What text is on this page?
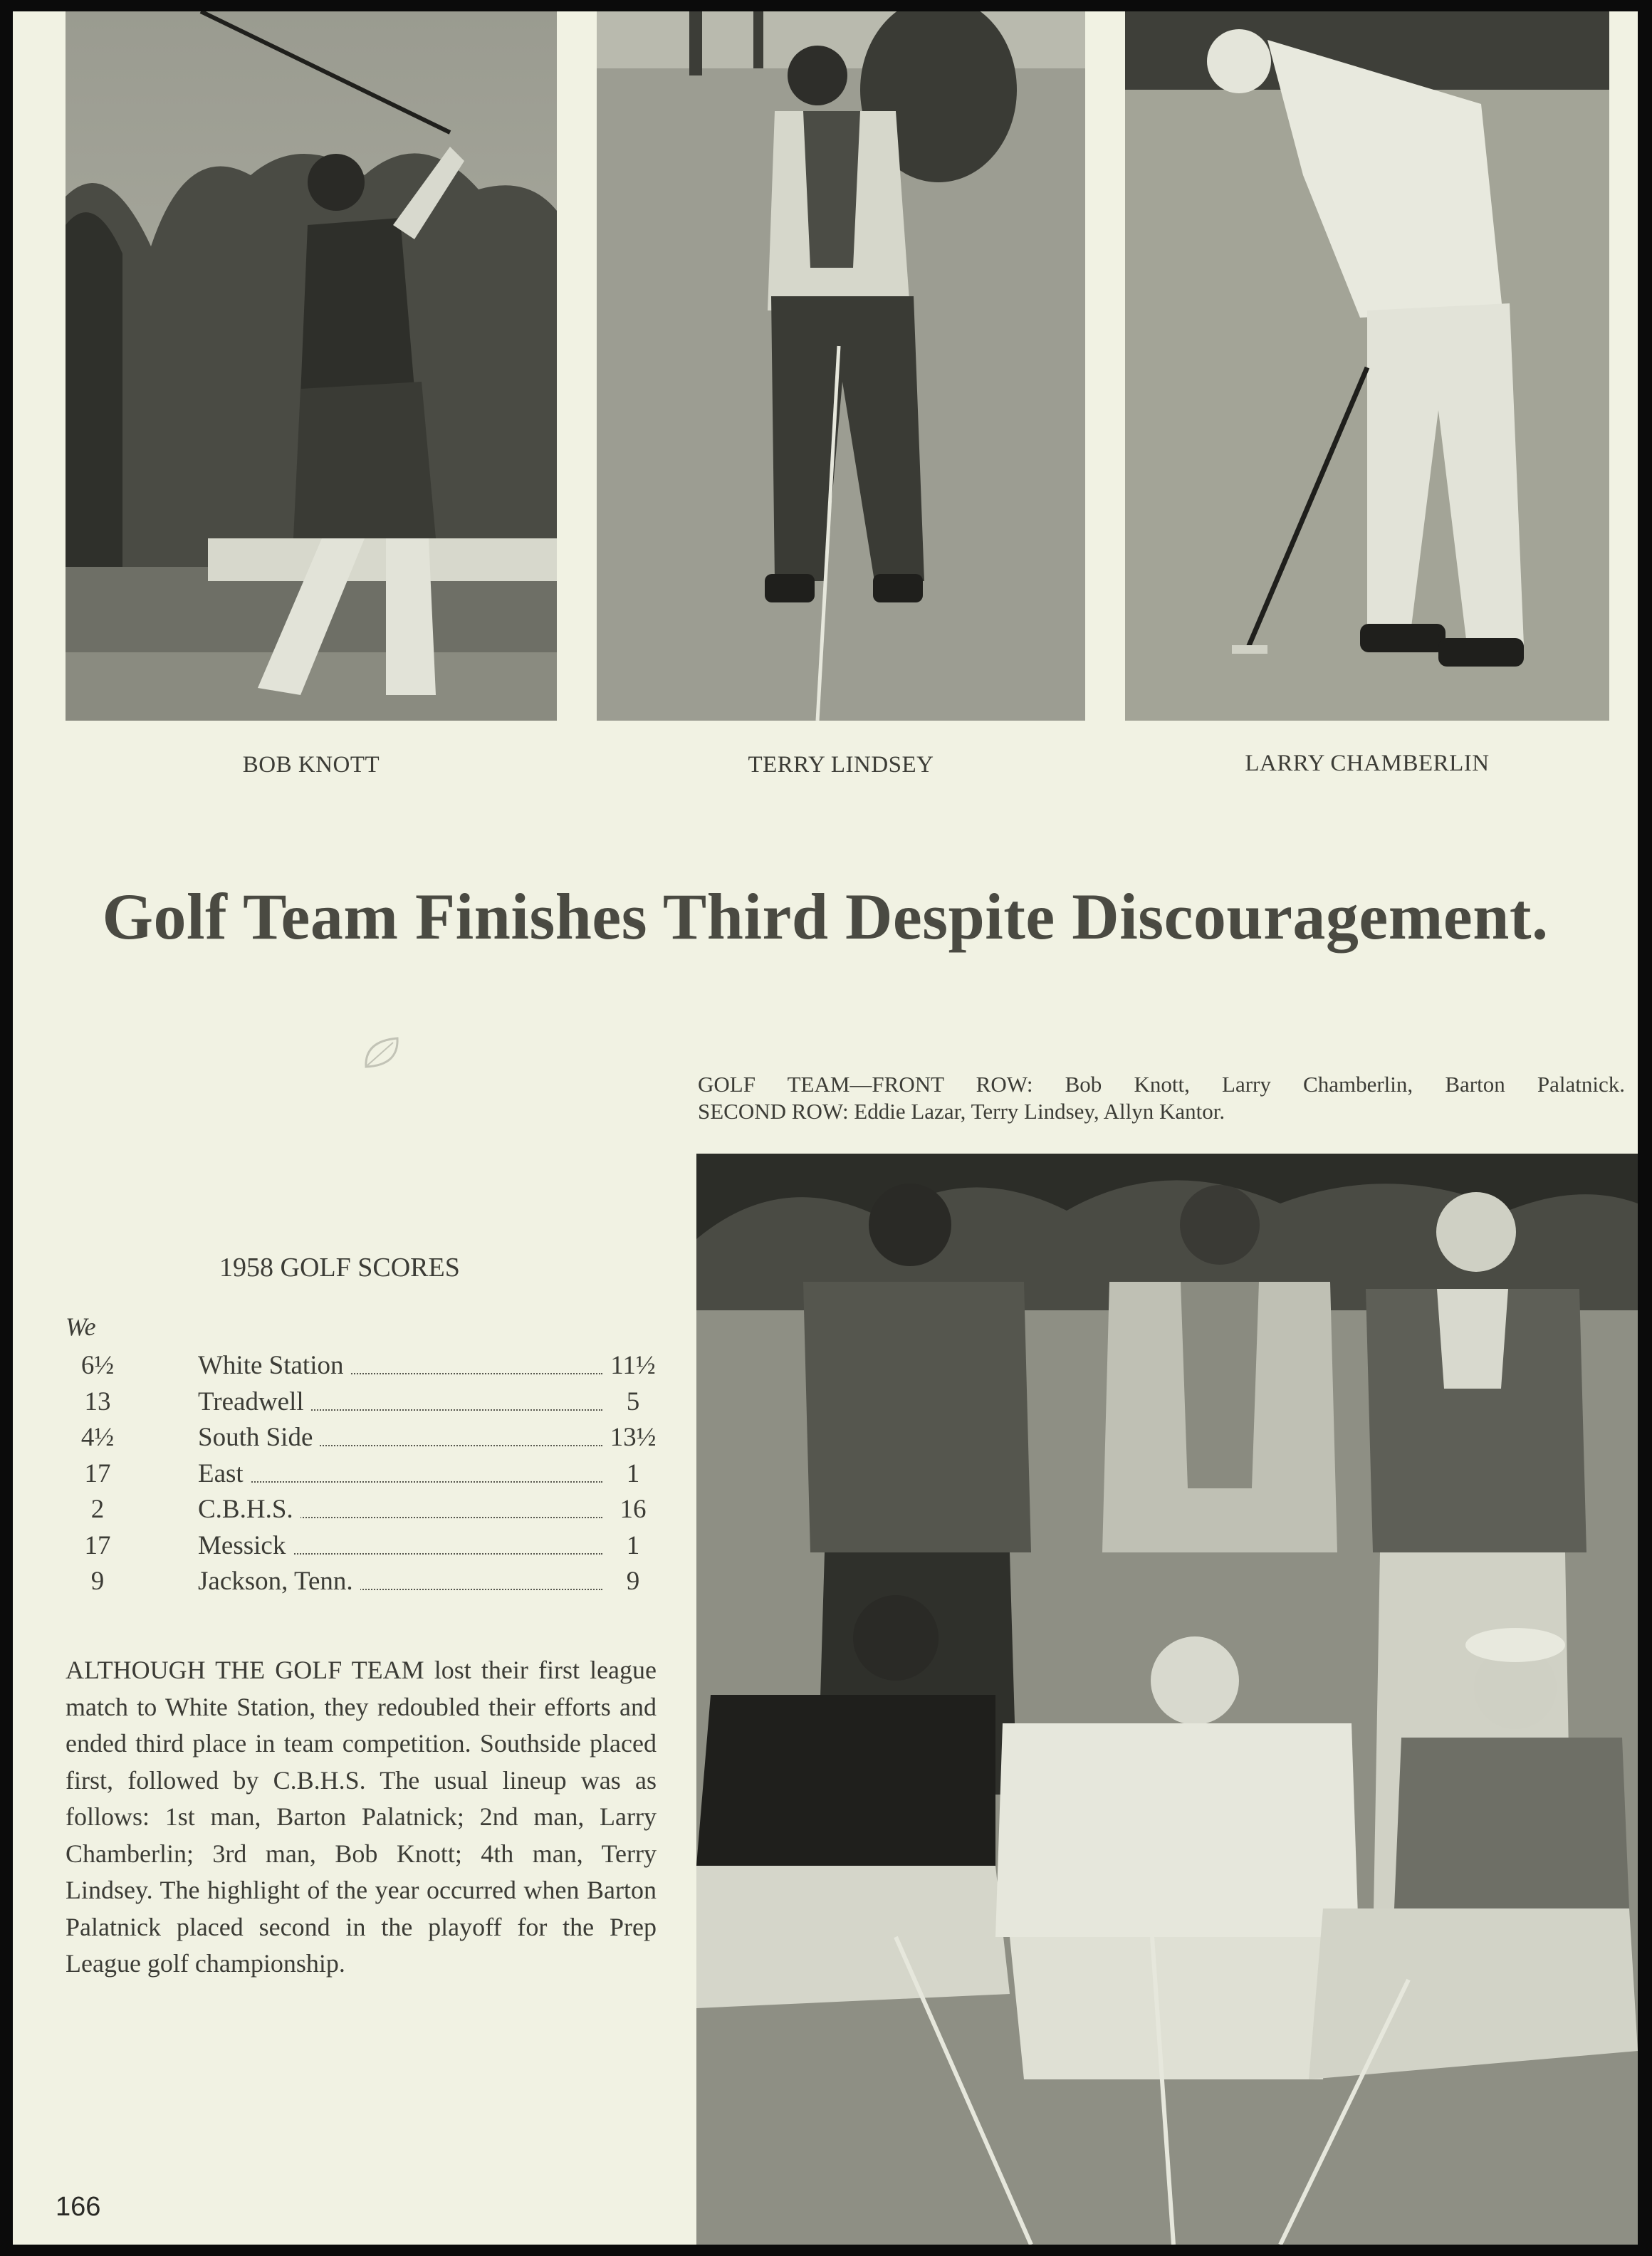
BOB KNOTT	TERRY LINDSEY	LARRY CHAMBERLIN
Golf Team Finishes Third Despite Discouragement.
GOLF TEAM—FRONT ROW: Bob Knott, Larry Chamberlin, Barton Palatnick.
SECOND ROW: Eddie Lazar, Terry Lindsey, Allyn Kantor.
1958 GOLF SCORES
We
6½	White Station	11½
13	Treadwell	5
4½	South Side	13½
17	East	1
2	C.B.H.S.	16
17	Messick	1
9	Jackson, Tenn.	9

ALTHOUGH THE GOLF TEAM lost their first league match to White Station, they redoubled their efforts and ended third place in team competition. Southside placed first, followed by C.B.H.S. The usual lineup was as follows: 1st man, Barton Palatnick; 2nd man, Larry Chamberlin; 3rd man, Bob Knott; 4th man, Terry Lindsey. The highlight of the year occurred when Barton Palatnick placed second in the playoff for the Prep League golf championship.

166
